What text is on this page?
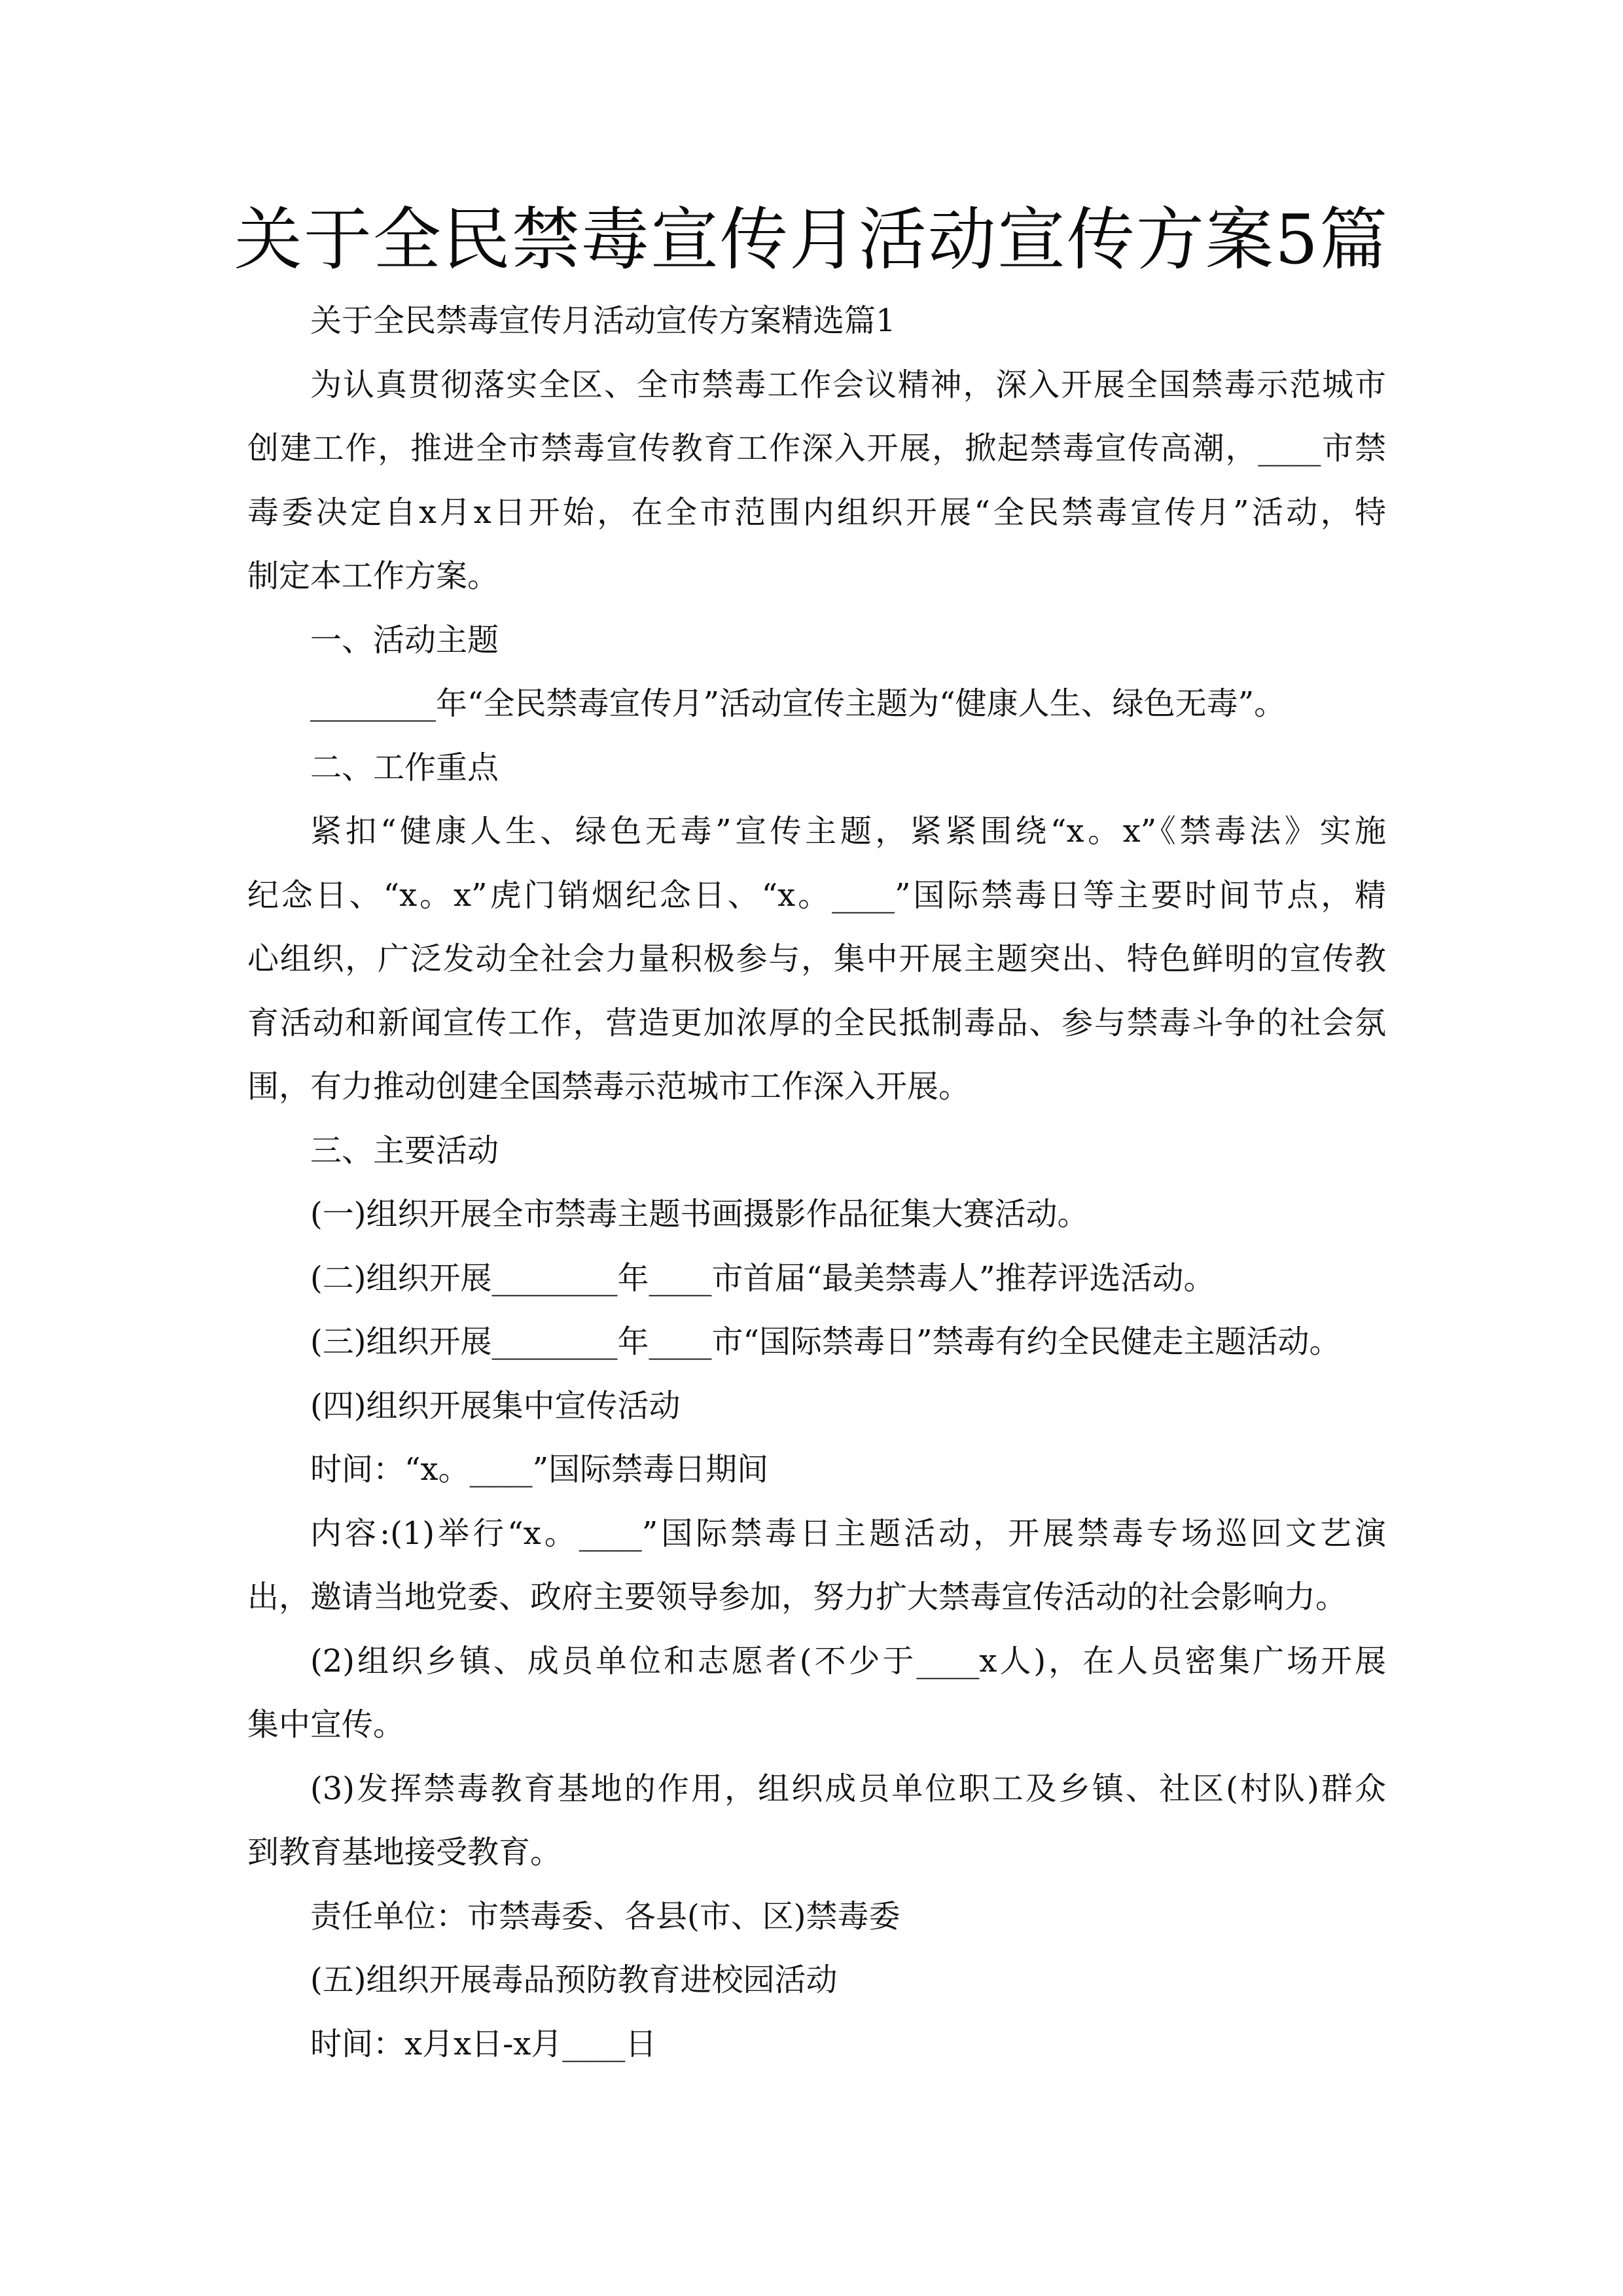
关于全民禁毒宣传月活动宣传方案5篇

关于全民禁毒宣传月活动宣传方案精选篇1

为认真贯彻落实全区、全市禁毒工作会议精神，深入开展全国禁毒示范城市

创建工作，推进全市禁毒宣传教育工作深入开展，掀起禁毒宣传高潮，____市禁

毒委决定自x月x日开始，在全市范围内组织开展“全民禁毒宣传月”活动，特

制定本工作方案。

一、活动主题

________年“全民禁毒宣传月”活动宣传主题为“健康人生、绿色无毒”。

二、工作重点

紧扣“健康人生、绿色无毒”宣传主题，紧紧围绕“x。x”《禁毒法》实施

纪念日、“x。x”虎门销烟纪念日、“x。____”国际禁毒日等主要时间节点，精

心组织，广泛发动全社会力量积极参与，集中开展主题突出、特色鲜明的宣传教

育活动和新闻宣传工作，营造更加浓厚的全民抵制毒品、参与禁毒斗争的社会氛

围，有力推动创建全国禁毒示范城市工作深入开展。

三、主要活动

(一)组织开展全市禁毒主题书画摄影作品征集大赛活动。

(二)组织开展________年____市首届“最美禁毒人”推荐评选活动。

(三)组织开展________年____市“国际禁毒日”禁毒有约全民健走主题活动。

(四)组织开展集中宣传活动

时间：“x。____”国际禁毒日期间

内容:(1)举行“x。____”国际禁毒日主题活动，开展禁毒专场巡回文艺演

出，邀请当地党委、政府主要领导参加，努力扩大禁毒宣传活动的社会影响力。

(2)组织乡镇、成员单位和志愿者(不少于____x人)，在人员密集广场开展

集中宣传。

(3)发挥禁毒教育基地的作用，组织成员单位职工及乡镇、社区(村队)群众

到教育基地接受教育。

责任单位：市禁毒委、各县(市、区)禁毒委

(五)组织开展毒品预防教育进校园活动

时间：x月x日-x月____日
